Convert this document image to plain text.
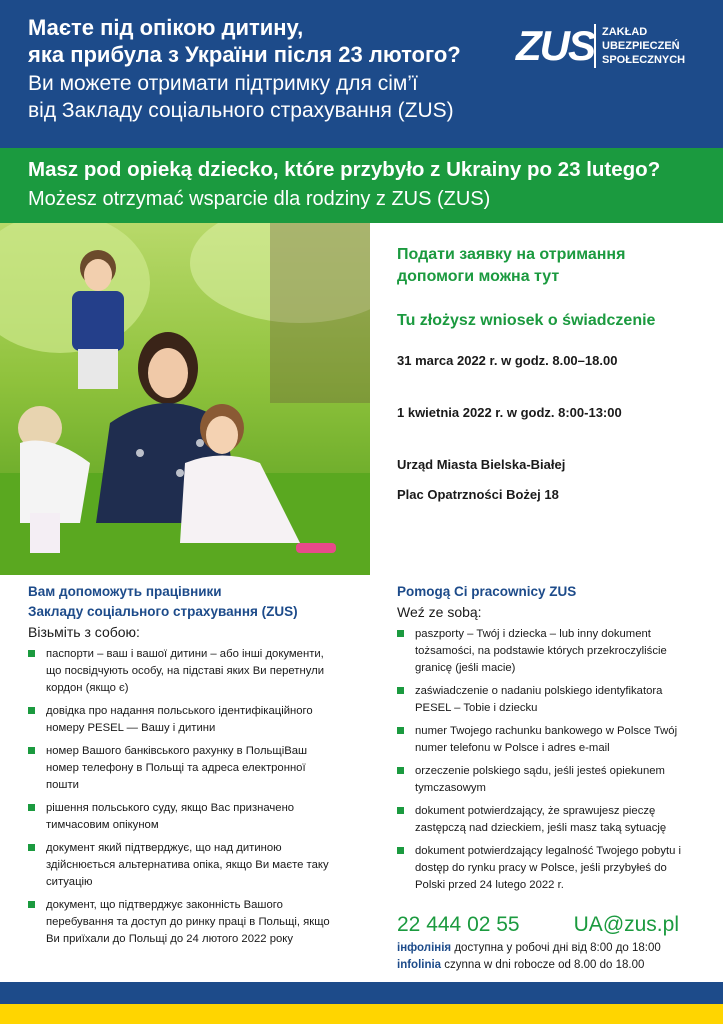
Маєте під опікою дитину,
яка прибула з України після 23 лютого?
Ви можете отримати підтримку для сім’ї
від Закладу соціального страхування (ZUS)
ZUS ZAKŁAD
UBEZPIECZEŃ
SPOŁECZNYCH
Masz pod opieką dziecko, które przybyło z Ukrainy po 23 lutego?
Możesz otrzymać wsparcie dla rodziny z ZUS (ZUS)
Подати заявку на отримання
допомоги можна тут
Tu złożysz wniosek o świadczenie
31 marca 2022 r. w godz. 8.00–18.00
1 kwietnia 2022 r. w godz. 8:00-13:00
Urząd Miasta Bielska-Białej
Plac Opatrzności Bożej 18
Вам допоможуть працівники
Закладу соціального страхування (ZUS)
Візьміть з собою:
паспорти – ваш і вашої дитини – або інші документи, що посвідчують особу, на підставі яких Ви перетнули кордон (якщо є)
довідка про надання польського ідентифікаційного номеру PESEL — Вашу і дитини
номер Вашого банківського рахунку в ПольщіВаш номер телефону в Польщі та адреса електронної пошти
рішення польського суду, якщо Вас призначено тимчасовим опікуном
документ який підтверджує, що над дитиною здійснюється альтернатива опіка, якщо Ви маєте таку ситуацію
документ, що підтверджує законність Вашого перебування та доступ до ринку праці в Польщі, якщо Ви приїхали до Польщі до 24 лютого 2022 року
Pomogą Ci pracownicy ZUS
Weź ze sobą:
paszporty – Twój i dziecka – lub inny dokument tożsamości, na podstawie których przekroczyliście granicę (jeśli macie)
zaświadczenie o nadaniu polskiego identyfikatora PESEL – Tobie i dziecku
numer Twojego rachunku bankowego w Polsce Twój numer telefonu w Polsce i adres e-mail
orzeczenie polskiego sądu, jeśli jesteś opiekunem tymczasowym
dokument potwierdzający, że sprawujesz pieczę zastępczą nad dzieckiem, jeśli masz taką sytuację
dokument potwierdzający legalność Twojego pobytu i dostęp do rynku pracy w Polsce, jeśli przybyłeś do Polski przed 24 lutego 2022 r.
22 444 02 55	UA@zus.pl
інфолінія доступна у робочі дні від 8:00 до 18:00
infolinia czynna w dni robocze od 8.00 do 18.00
